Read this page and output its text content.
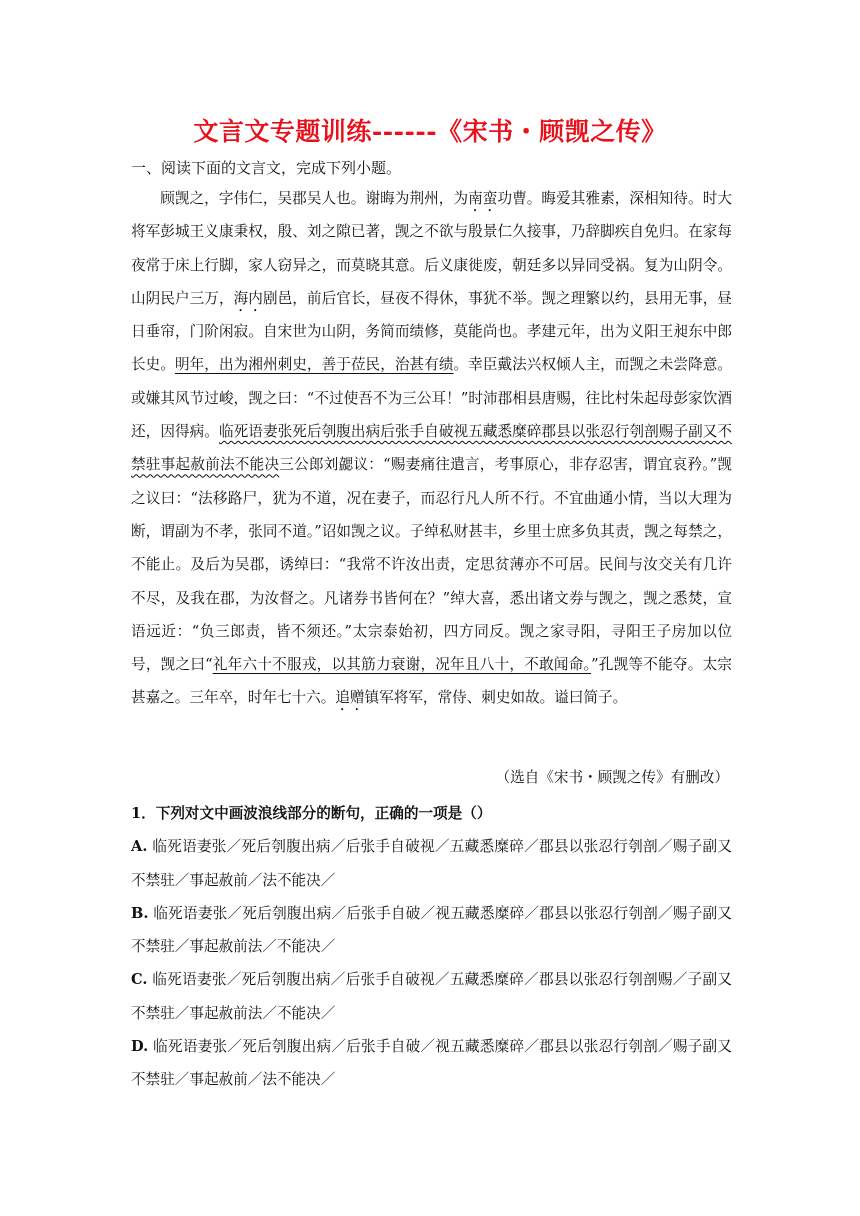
文言文专题训练------《宋书・顾觊之传》
一、阅读下面的文言文，完成下列小题。

顾觊之，字伟仁，吴郡吴人也。谢晦为荆州，为南蛮功曹。晦爱其雅素，深相知待。时大将军彭城王义康秉权，殷、刘之隙已著，觊之不欲与殷景仁久接事，乃辞脚疾自免归。在家每夜常于床上行脚，家人窃异之，而莫晓其意。后义康徙废，朝廷多以异同受祸。复为山阴令。山阴民户三万，海内剧邑，前后官长，昼夜不得休，事犹不举。觊之理繁以约，县用无事，昼日垂帘，门阶闲寂。自宋世为山阴，务简而绩修，莫能尚也。孝建元年，出为义阳王昶东中郎长史。明年，出为湘州刺史，善于莅民，治甚有绩。幸臣戴法兴权倾人主，而觊之未尝降意。或嫌其风节过峻，觊之曰：“不过使吾不为三公耳！”时沛郡相县唐赐，往比村朱起母彭家饮酒还，因得病。临死语妻张死后刳腹出病后张手自破视五藏悉糜碎郡县以张忍行刳剖赐子副又不禁驻事起赦前法不能决三公郎刘勰议：“赐妻痛往遣言，考事原心，非存忍害，谓宜哀矜。”觊之议曰：“法移路尸，犹为不道，况在妻子，而忍行凡人所不行。不宜曲通小情，当以大理为断，谓副为不孝，张同不道。”诏如觊之议。子绰私财甚丰，乡里士庶多负其责，觊之每禁之，不能止。及后为吴郡，诱绰曰：“我常不许汝出责，定思贫薄亦不可居。民间与汝交关有几许不尽，及我在郡，为汝督之。凡诸券书皆何在？”绰大喜，悉出诸文券与觊之，觊之悉焚，宣语远近：“负三郎责，皆不须还。”太宗泰始初，四方同反。觊之家寻阳，寻阳王子房加以位号，觊之曰“礼年六十不服戎，以其筋力衰谢，况年且八十，不敢闻命。”孔觊等不能夺。太宗甚嘉之。三年卒，时年七十六。追赠镇军将军，常侍、刺史如故。谥曰简子。

（选自《宋书・顾觊之传》有删改）
1．下列对文中画波浪线部分的断句，正确的一项是（）

A. 临死语妻张／死后刳腹出病／后张手自破视／五藏悉糜碎／郡县以张忍行刳剖／赐子副又不禁驻／事起赦前／法不能决／

B. 临死语妻张／死后刳腹出病／后张手自破／视五藏悉糜碎／郡县以张忍行刳剖／赐子副又不禁驻／事起赦前法／不能决／

C. 临死语妻张／死后刳腹出病／后张手自破视／五藏悉糜碎／郡县以张忍行刳剖赐／子副又不禁驻／事起赦前法／不能决／

D. 临死语妻张／死后刳腹出病／后张手自破／视五藏悉糜碎／郡县以张忍行刳剖／赐子副又不禁驻／事起赦前／法不能决／
